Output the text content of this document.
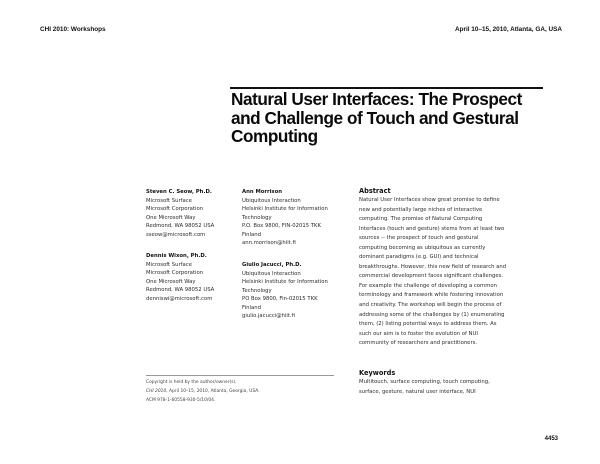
CHI 2010: Workshops	April 10–15, 2010, Atlanta, GA, USA
Natural User Interfaces: The Prospect and Challenge of Touch and Gestural Computing
Steven C. Seow, Ph.D.
Microsoft Surface
Microsoft Corporation
One Microsoft Way
Redmond, WA 98052 USA
sseow@microsoft.com
Dennis Wixon, Ph.D.
Microsoft Surface
Microsoft Corporation
One Microsoft Way
Redmond, WA 98052 USA
denniswi@microsoft.com
Ann Morrison
Ubiquitous Interaction
Helsinki Institute for Information
Technology
P.O. Box 9800, FIN-02015 TKK
Finland
ann.morrison@hiit.fi
Giulio Jacucci, Ph.D.
Ubiquitous Interaction
Helsinki Institute for Information
Technology
PO Box 9800, Fin-02015 TKK
Finland
giulio.jacucci@hiit.fi
Abstract
Natural User Interfaces show great promise to define
new and potentially large niches of interactive
computing. The promise of Natural Computing
Interfaces (touch and gesture) stems from at least two
sources -- the prospect of touch and gestural
computing becoming as ubiquitous as currently
dominant paradigms (e.g. GUI) and technical
breakthroughs. However, this new field of research and
commercial development faces significant challenges.
For example the challenge of developing a common
terminology and framework while fostering innovation
and creativity. The workshop will begin the process of
addressing some of the challenges by (1) enumerating
them, (2) listing potential ways to address them. As
such our aim is to foster the evolution of NUI
community of researchers and practitioners.
Copyright is held by the author/owner(s).
CHI 2010, April 10–15, 2010, Atlanta, Georgia, USA.
ACM 978-1-60558-930-5/10/04.
Keywords
Multitouch, surface computing, touch computing,
surface, gesture, natural user interface, NUI
4453
